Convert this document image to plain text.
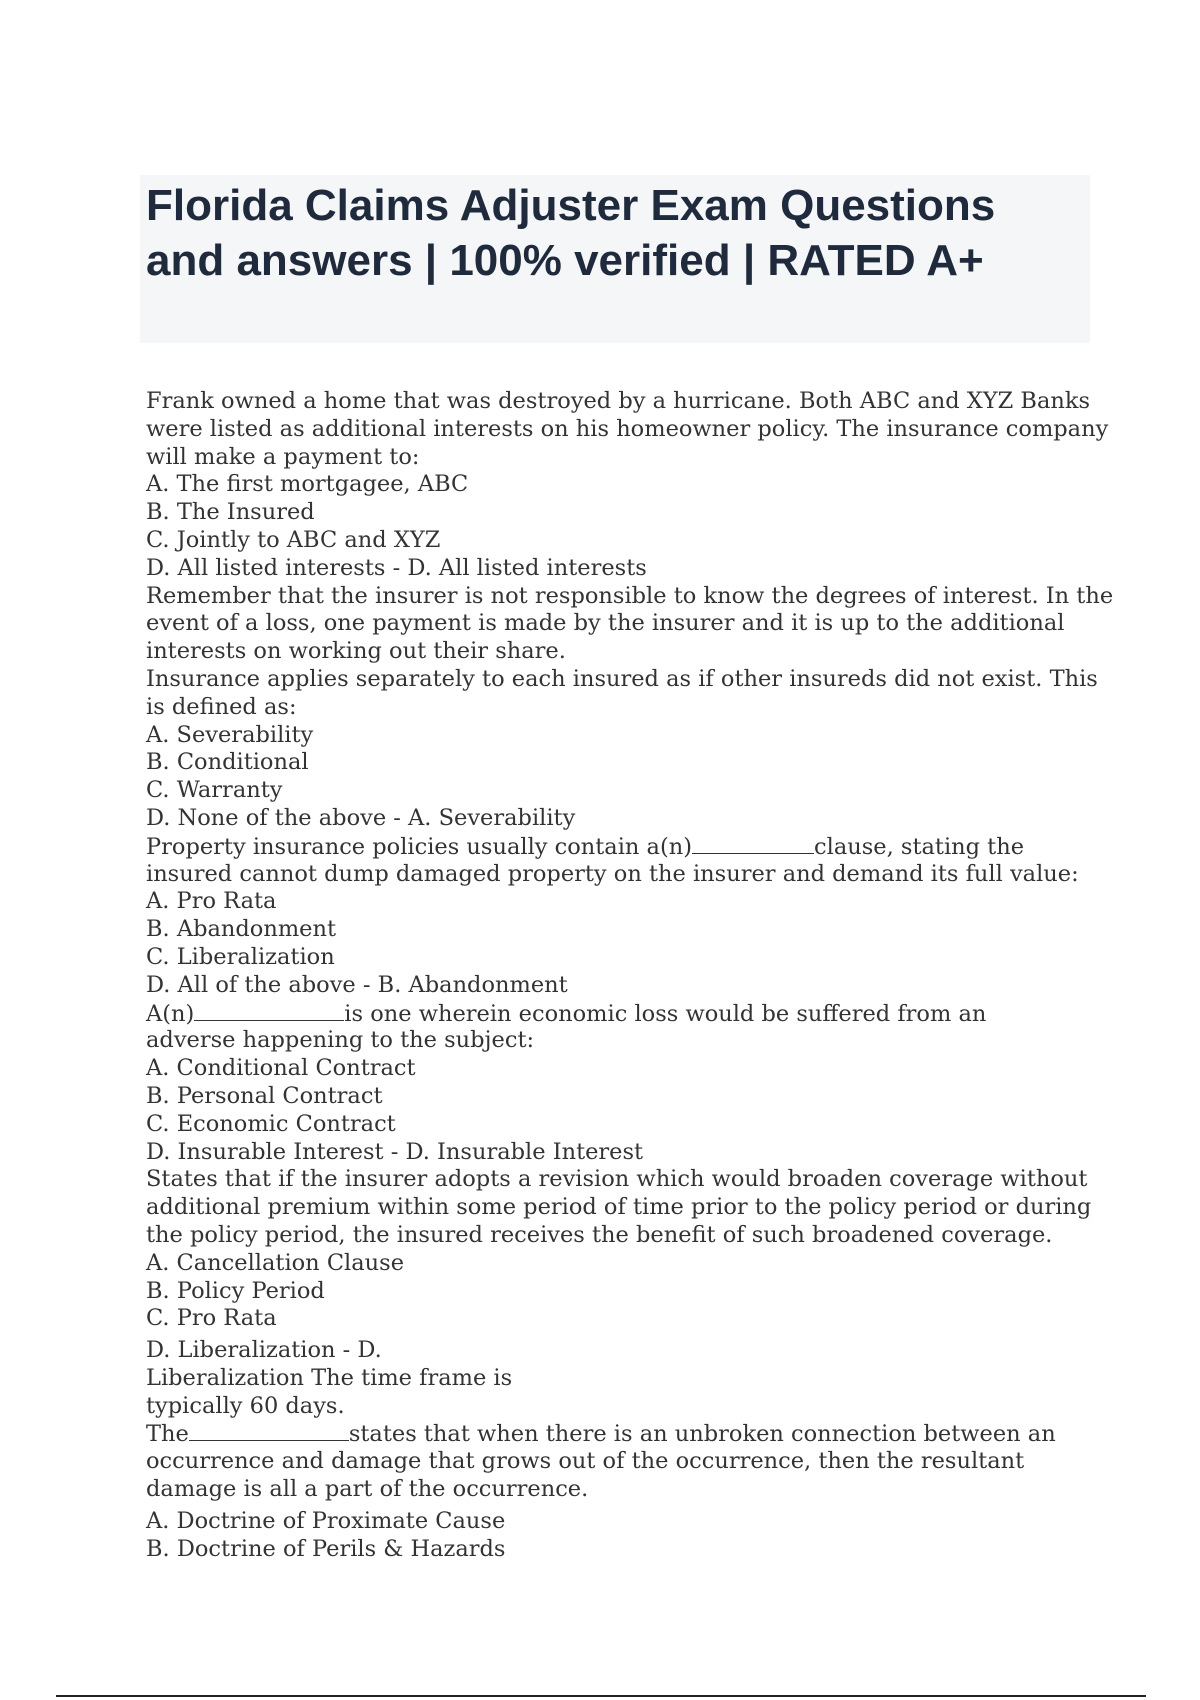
Florida Claims Adjuster Exam Questions
and answers | 100% verified | RATED A+
Frank owned a home that was destroyed by a hurricane. Both ABC and XYZ Banks
were listed as additional interests on his homeowner policy. The insurance company
will make a payment to:
A. The first mortgagee, ABC
B. The Insured
C. Jointly to ABC and XYZ
D. All listed interests - D. All listed interests
Remember that the insurer is not responsible to know the degrees of interest. In the
event of a loss, one payment is made by the insurer and it is up to the additional
interests on working out their share.
Insurance applies separately to each insured as if other insureds did not exist. This
is defined as:
A. Severability
B. Conditional
C. Warranty
D. None of the above - A. Severability
Property insurance policies usually contain a(n)	clause, stating the
insured cannot dump damaged property on the insurer and demand its full value:
A. Pro Rata
B. Abandonment
C. Liberalization
D. All of the above - B. Abandonment
A(n)	is one wherein economic loss would be suffered from an
adverse happening to the subject:
A. Conditional Contract
B. Personal Contract
C. Economic Contract
D. Insurable Interest - D. Insurable Interest
States that if the insurer adopts a revision which would broaden coverage without
additional premium within some period of time prior to the policy period or during
the policy period, the insured receives the benefit of such broadened coverage.
A. Cancellation Clause
B. Policy Period
C. Pro Rata
D. Liberalization - D.
Liberalization The time frame is
typically 60 days.
The	states that when there is an unbroken connection between an
occurrence and damage that grows out of the occurrence, then the resultant
damage is all a part of the occurrence.
A. Doctrine of Proximate Cause
B. Doctrine of Perils & Hazards
